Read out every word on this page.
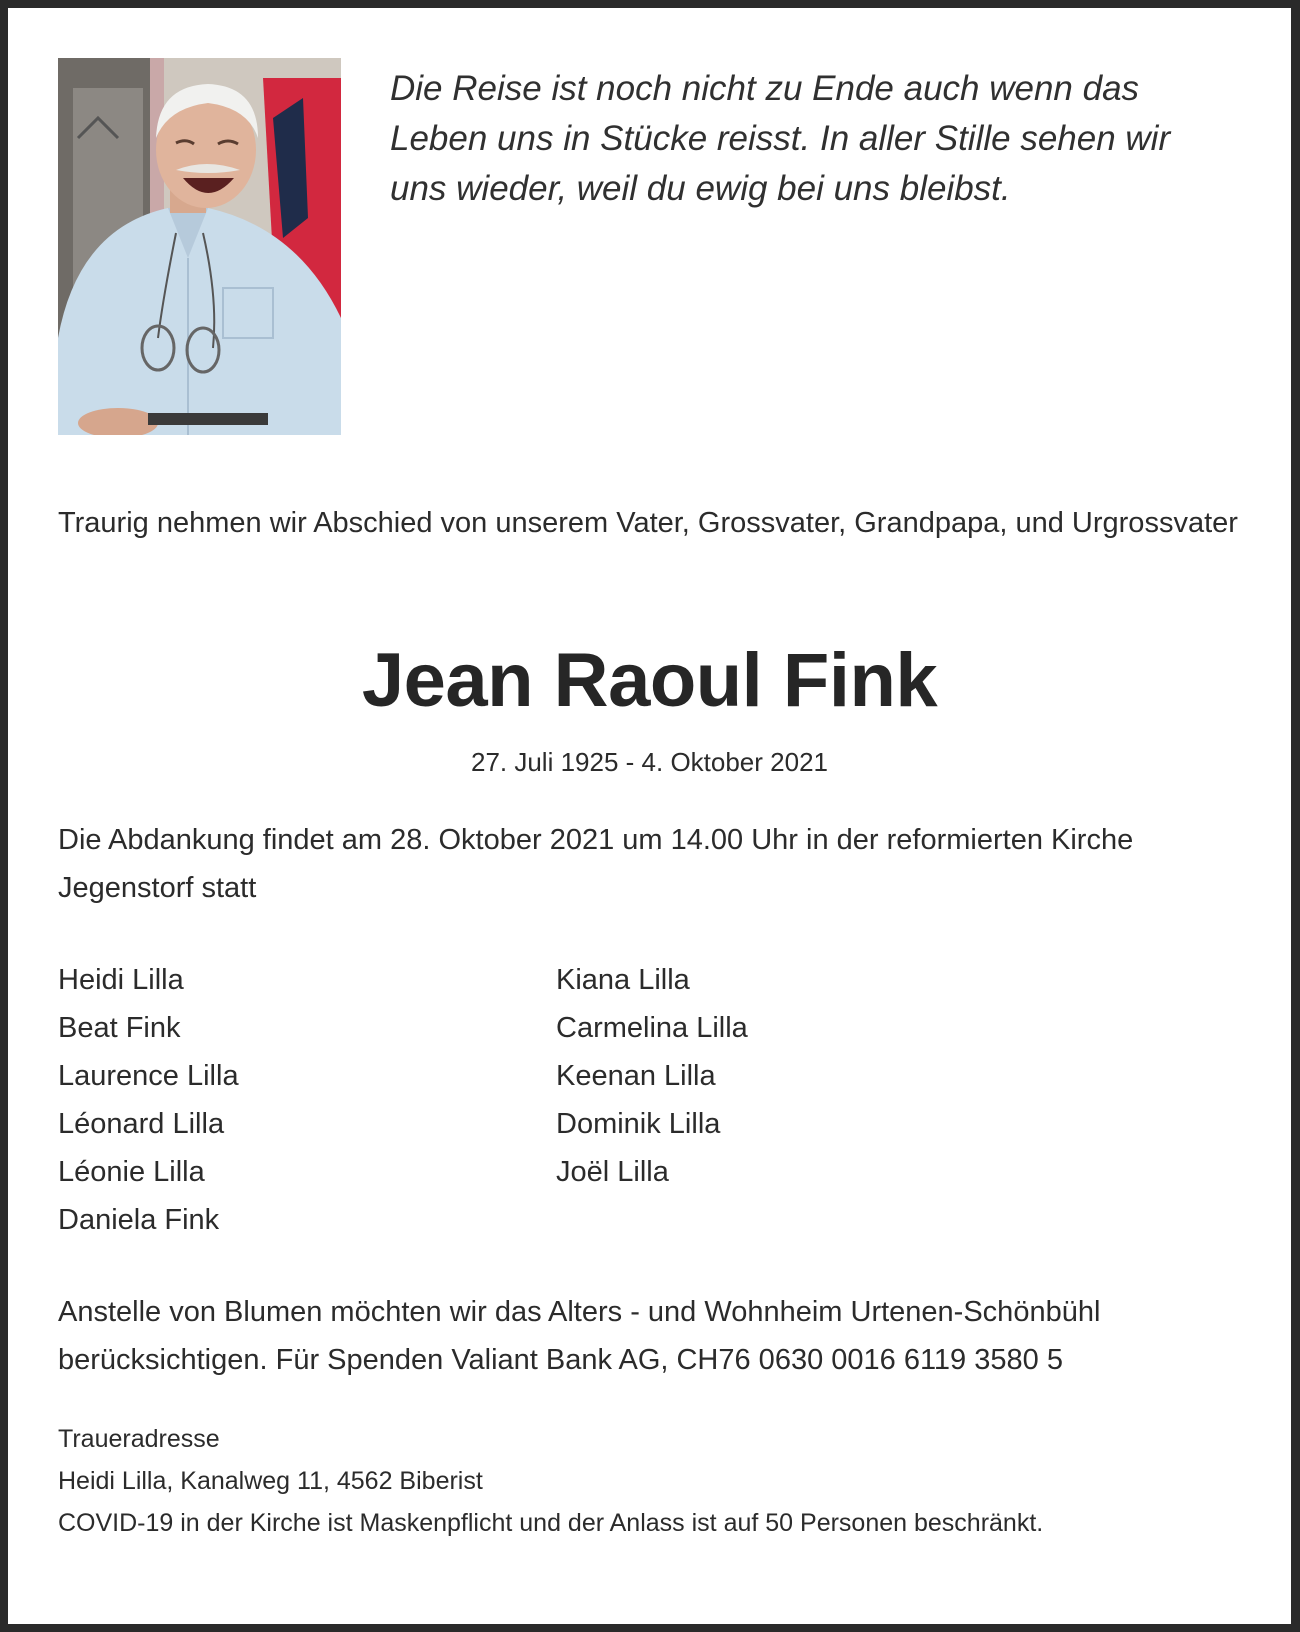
Die Reise ist noch nicht zu Ende auch wenn das
Leben uns in Stücke reisst. In aller Stille sehen wir
uns wieder, weil du ewig bei uns bleibst.
Traurig nehmen wir Abschied von unserem Vater, Grossvater, Grandpapa, und Urgrossvater
Jean Raoul Fink
27. Juli 1925 - 4. Oktober 2021
Die Abdankung findet am 28. Oktober 2021 um 14.00 Uhr in der reformierten Kirche Jegenstorf statt
Heidi Lilla
Beat Fink
Laurence Lilla
Léonard Lilla
Léonie Lilla
Daniela Fink
Kiana Lilla
Carmelina Lilla
Keenan Lilla
Dominik Lilla
Joël Lilla
Anstelle von Blumen möchten wir das Alters - und Wohnheim Urtenen-Schönbühl berücksichtigen. Für Spenden Valiant Bank AG, CH76 0630 0016 6119 3580 5
Traueradresse
Heidi Lilla, Kanalweg 11, 4562 Biberist
COVID-19 in der Kirche ist Maskenpflicht und der Anlass ist auf 50 Personen beschränkt.
